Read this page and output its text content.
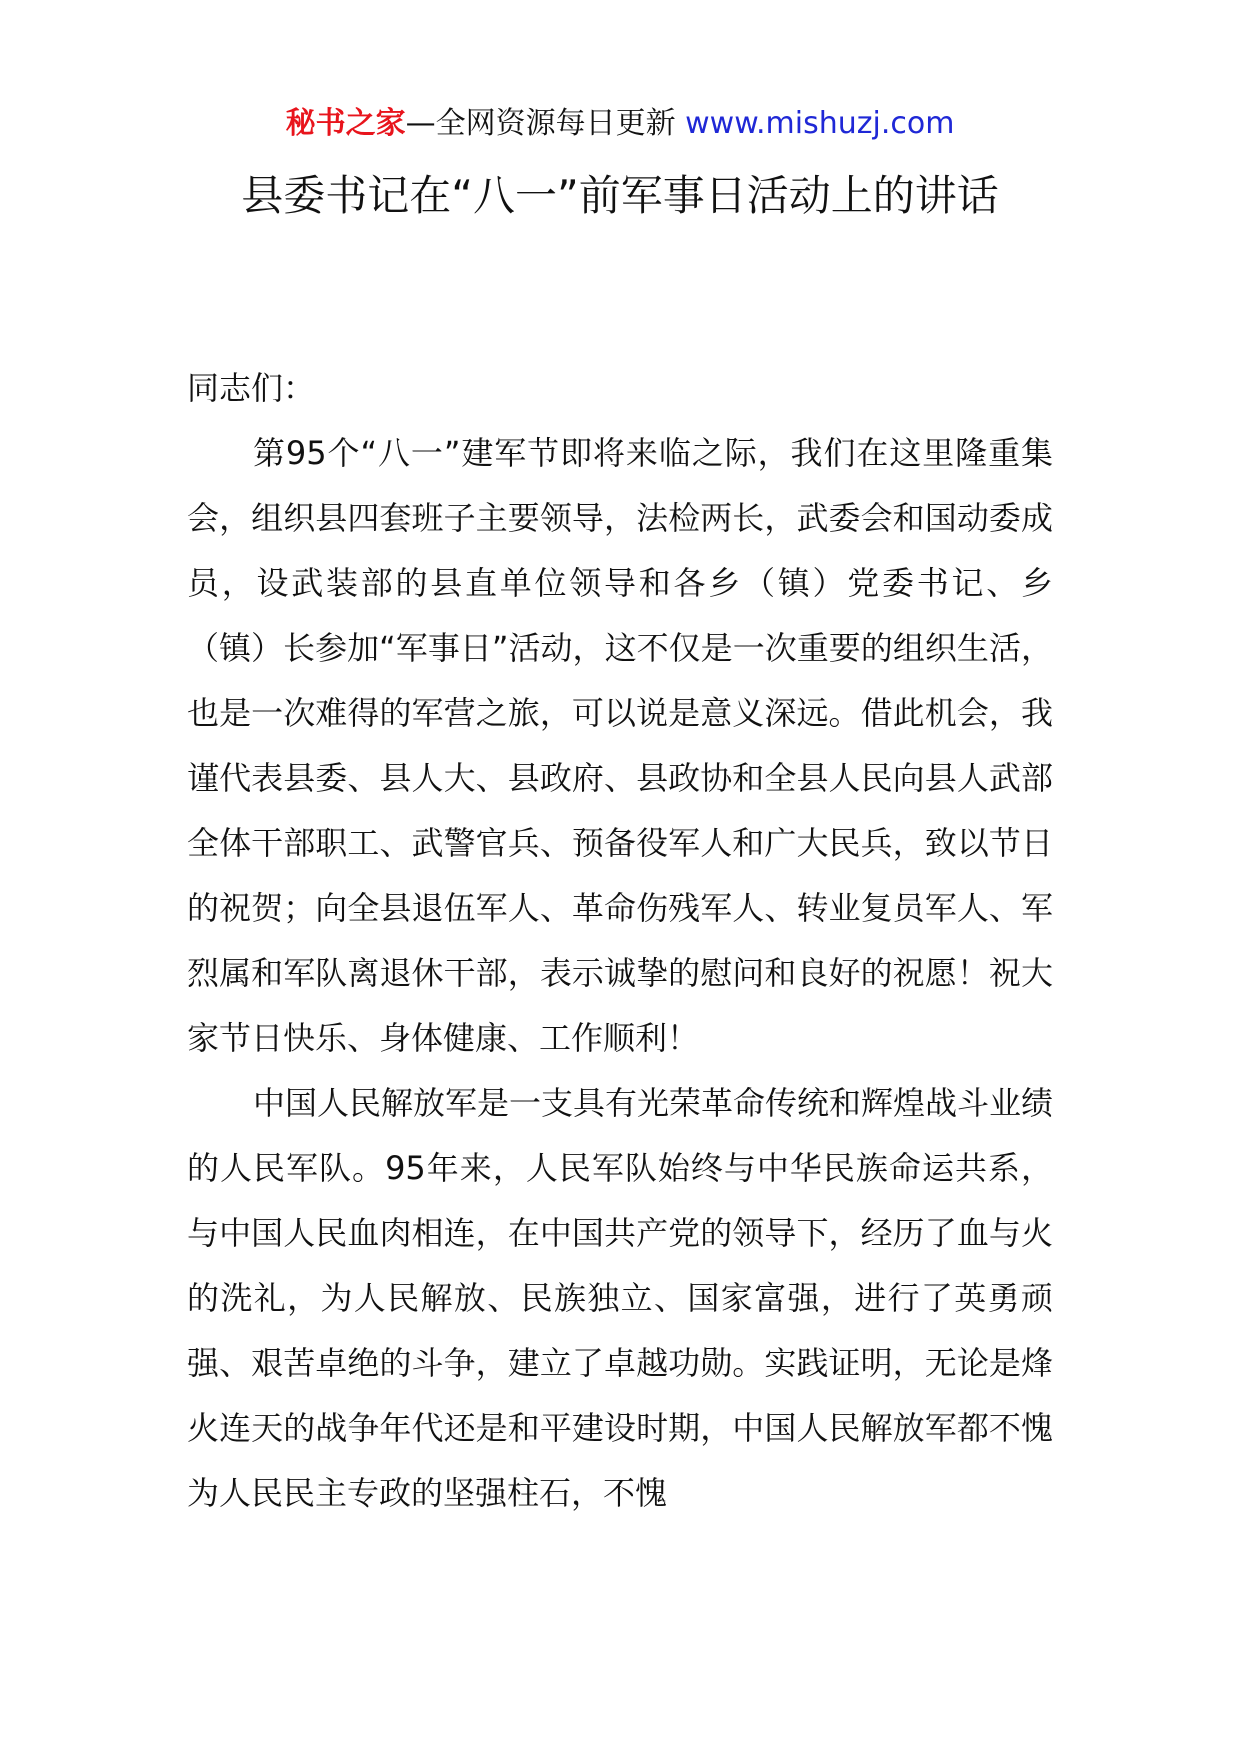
秘书之家—全网资源每日更新 www.mishuzj.com
县委书记在“八一”前军事日活动上的讲话

同志们：

第95个“八一”建军节即将来临之际，我们在这里隆重集会，组织县四套班子主要领导，法检两长，武委会和国动委成员，设武装部的县直单位领导和各乡（镇）党委书记、乡（镇）长参加“军事日”活动，这不仅是一次重要的组织生活，也是一次难得的军营之旅，可以说是意义深远。借此机会，我谨代表县委、县人大、县政府、县政协和全县人民向县人武部全体干部职工、武警官兵、预备役军人和广大民兵，致以节日的祝贺；向全县退伍军人、革命伤残军人、转业复员军人、军烈属和军队离退休干部，表示诚挚的慰问和良好的祝愿！祝大家节日快乐、身体健康、工作顺利！

中国人民解放军是一支具有光荣革命传统和辉煌战斗业绩的人民军队。95年来，人民军队始终与中华民族命运共系，与中国人民血肉相连，在中国共产党的领导下，经历了血与火的洗礼，为人民解放、民族独立、国家富强，进行了英勇顽强、艰苦卓绝的斗争，建立了卓越功勋。实践证明，无论是烽火连天的战争年代还是和平建设时期，中国人民解放军都不愧为人民民主专政的坚强柱石，不愧
